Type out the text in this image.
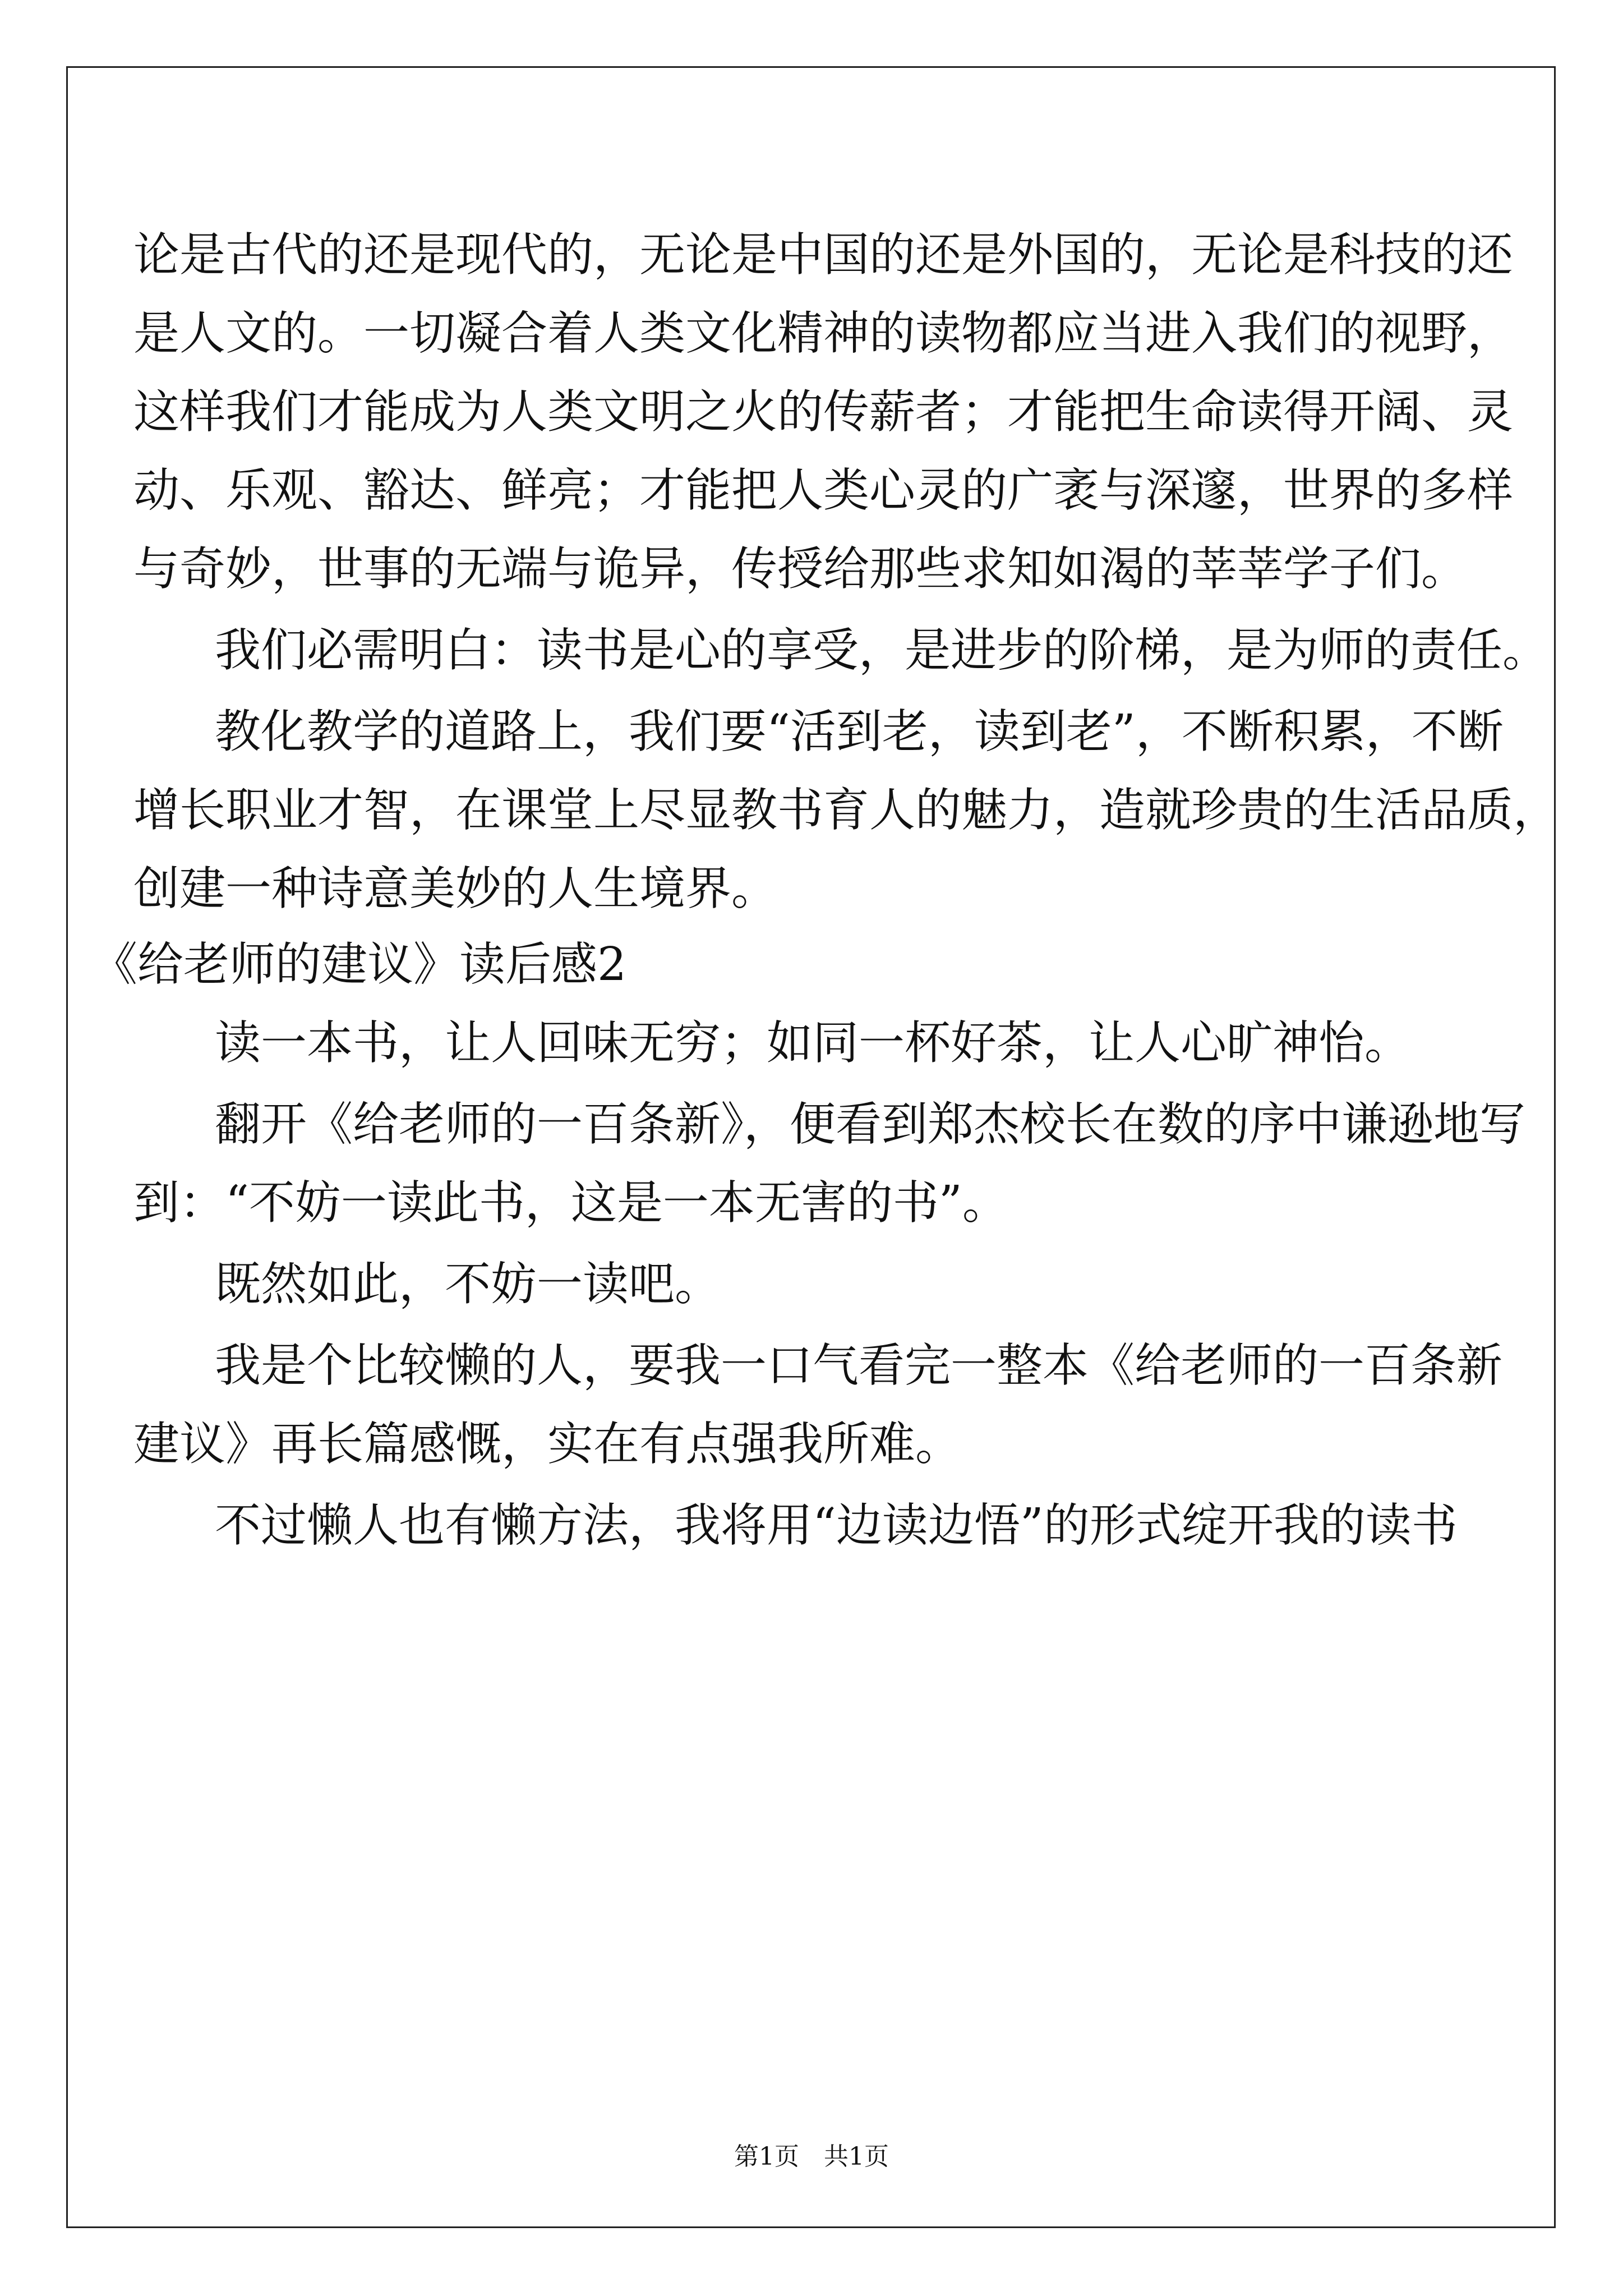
论是古代的还是现代的，无论是中国的还是外国的，无论是科技的还
是人文的。一切凝合着人类文化精神的读物都应当进入我们的视野，
这样我们才能成为人类文明之火的传薪者；才能把生命读得开阔、灵
动、乐观、豁达、鲜亮；才能把人类心灵的广袤与深邃，世界的多样
与奇妙，世事的无端与诡异，传授给那些求知如渴的莘莘学子们。
我们必需明白：读书是心的享受，是进步的阶梯，是为师的责任。
教化教学的道路上，我们要“活到老，读到老”，不断积累，不断
增长职业才智，在课堂上尽显教书育人的魅力，造就珍贵的生活品质，
创建一种诗意美妙的人生境界。
《给老师的建议》读后感2
读一本书，让人回味无穷；如同一杯好茶，让人心旷神怡。
翻开《给老师的一百条新》，便看到郑杰校长在数的序中谦逊地写
到：“不妨一读此书，这是一本无害的书”。
既然如此，不妨一读吧。
我是个比较懒的人，要我一口气看完一整本《给老师的一百条新
建议》再长篇感慨，实在有点强我所难。
不过懒人也有懒方法，我将用“边读边悟”的形式绽开我的读书
第1页　共1页
